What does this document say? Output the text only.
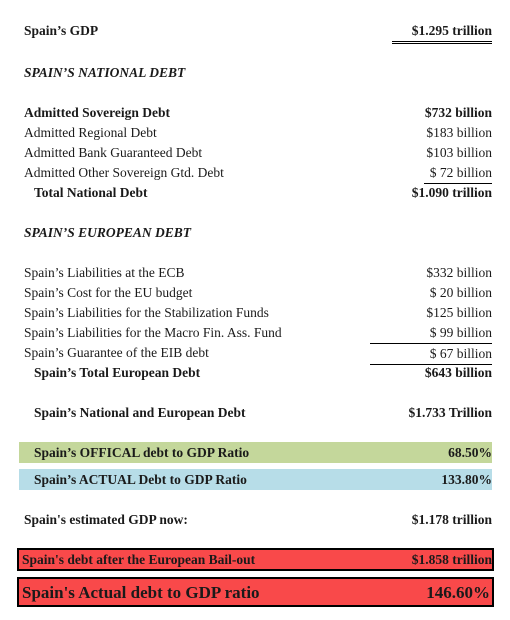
Spain’s GDP	$1.295 trillion
SPAIN’S NATIONAL DEBT
Admitted Sovereign Debt	$732 billion
Admitted Regional Debt	$183 billion
Admitted Bank Guaranteed Debt	$103 billion
Admitted Other Sovereign Gtd. Debt	$ 72 billion
Total National Debt	$1.090 trillion
SPAIN’S EUROPEAN DEBT
Spain’s Liabilities at the ECB	$332 billion
Spain’s Cost for the EU budget	$ 20 billion
Spain’s Liabilities for the Stabilization Funds	$125 billion
Spain’s Liabilities for the Macro Fin. Ass. Fund	$ 99 billion
Spain’s Guarantee of the EIB debt	$ 67 billion
Spain’s Total European Debt	$643 billion
Spain’s National and European Debt	$1.733 Trillion
Spain’s OFFICAL debt to GDP Ratio	68.50%
Spain’s ACTUAL Debt to GDP Ratio	133.80%
Spain's estimated GDP now:	$1.178 trillion
Spain's debt after the European Bail-out	$1.858 trillion
Spain's Actual debt to GDP ratio	146.60%
